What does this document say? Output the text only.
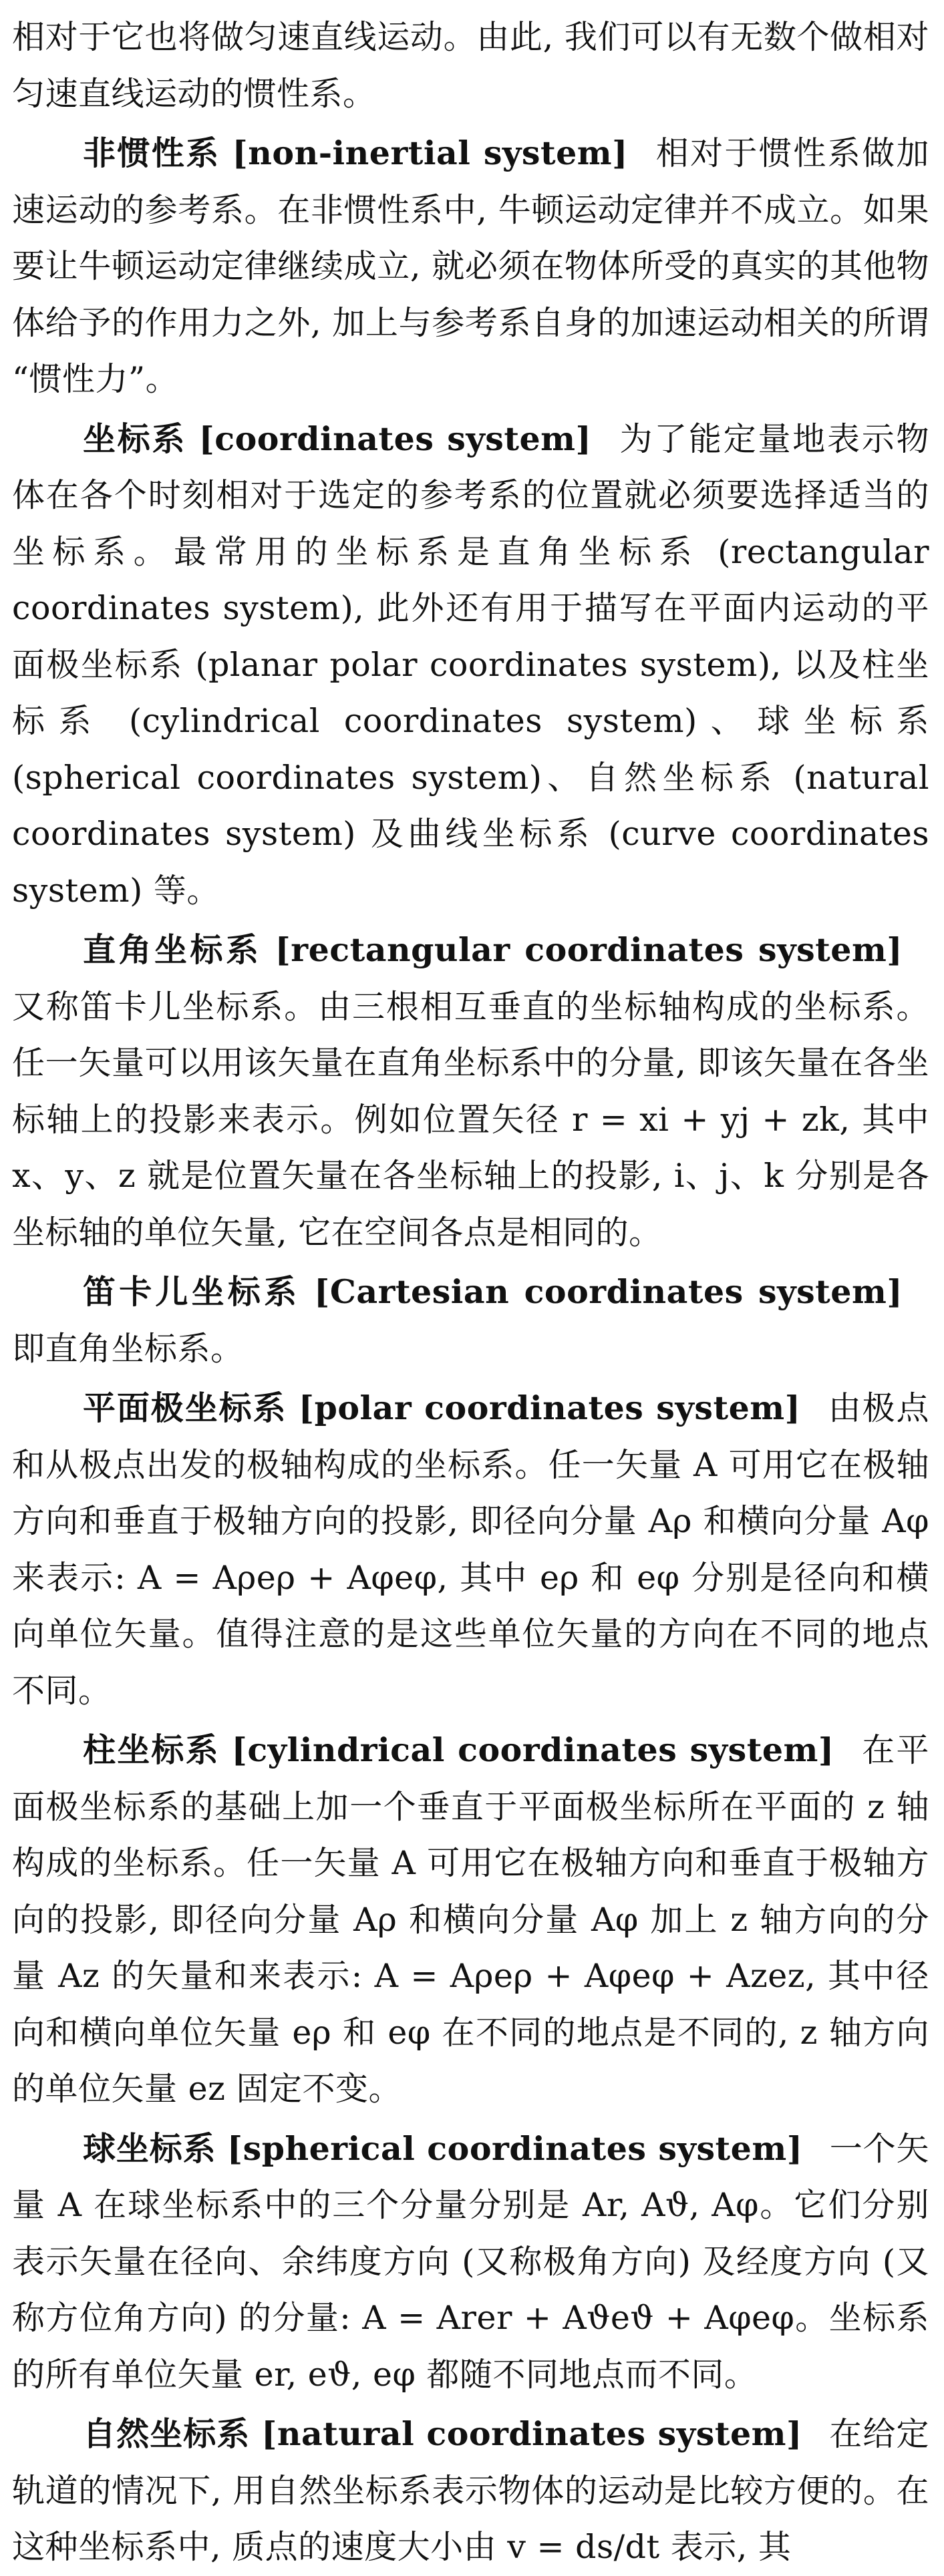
相对于它也将做匀速直线运动。由此, 我们可以有无数个做相对匀速直线运动的惯性系。

非惯性系 [non-inertial system] 相对于惯性系做加速运动的参考系。在非惯性系中, 牛顿运动定律并不成立。如果要让牛顿运动定律继续成立, 就必须在物体所受的真实的其他物体给予的作用力之外, 加上与参考系自身的加速运动相关的所谓 “惯性力”。

坐标系 [coordinates system] 为了能定量地表示物体在各个时刻相对于选定的参考系的位置就必须要选择适当的坐标系。最常用的坐标系是直角坐标系 (rectangular coordinates system), 此外还有用于描写在平面内运动的平面极坐标系 (planar polar coordinates system), 以及柱坐标系 (cylindrical coordinates system)、球坐标系 (spherical coordinates system)、自然坐标系 (natural coordinates system) 及曲线坐标系 (curve coordinates system) 等。

直角坐标系 [rectangular coordinates system]又称笛卡儿坐标系。由三根相互垂直的坐标轴构成的坐标系。任一矢量可以用该矢量在直角坐标系中的分量, 即该矢量在各坐标轴上的投影来表示。例如位置矢径 r = xi + yj + zk, 其中 x、y、z 就是位置矢量在各坐标轴上的投影, i、j、k 分别是各坐标轴的单位矢量, 它在空间各点是相同的。

笛卡儿坐标系 [Cartesian coordinates system]即直角坐标系。

平面极坐标系 [polar coordinates system] 由极点和从极点出发的极轴构成的坐标系。任一矢量 A 可用它在极轴方向和垂直于极轴方向的投影, 即径向分量 Aρ 和横向分量 Aφ 来表示: A = Aρeρ + Aφeφ, 其中 eρ 和 eφ 分别是径向和横向单位矢量。值得注意的是这些单位矢量的方向在不同的地点不同。

柱坐标系 [cylindrical coordinates system] 在平面极坐标系的基础上加一个垂直于平面极坐标所在平面的 z 轴构成的坐标系。任一矢量 A 可用它在极轴方向和垂直于极轴方向的投影, 即径向分量 Aρ 和横向分量 Aφ 加上 z 轴方向的分量 Az 的矢量和来表示: A = Aρeρ + Aφeφ + Azez, 其中径向和横向单位矢量 eρ 和 eφ 在不同的地点是不同的, z 轴方向的单位矢量 ez 固定不变。

球坐标系 [spherical coordinates system] 一个矢量 A 在球坐标系中的三个分量分别是 Ar, Aϑ, Aφ。它们分别表示矢量在径向、余纬度方向 (又称极角方向) 及经度方向 (又称方位角方向) 的分量: A = Arer + Aϑeϑ + Aφeφ。坐标系的所有单位矢量 er, eϑ, eφ 都随不同地点而不同。

自然坐标系 [natural coordinates system] 在给定轨道的情况下, 用自然坐标系表示物体的运动是比较方便的。在这种坐标系中, 质点的速度大小由 v = ds/dt 表示, 其
